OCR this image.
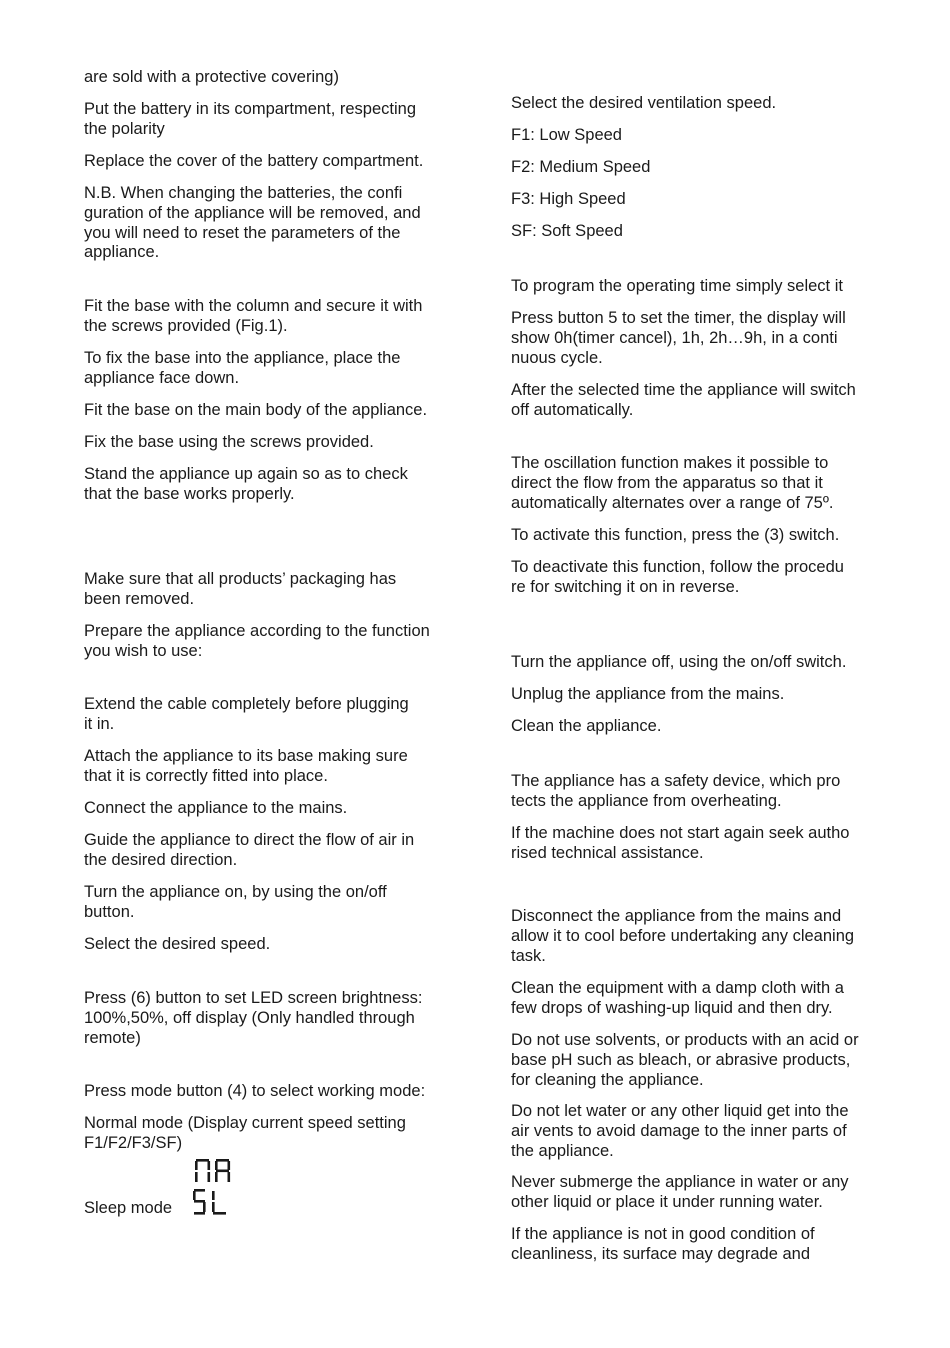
are sold with a protective covering)

Put the battery in its compartment, respecting
the polarity

Replace the cover of the battery compartment.

N.B. When changing the batteries, the confi
guration of the appliance will be removed, and
you will need to reset the parameters of the
appliance.

Fit the base with the column and secure it with
the screws provided (Fig.1).

To fix the base into the appliance, place the
appliance face down.

Fit the base on the main body of the appliance.

Fix the base using the screws provided.

Stand the appliance up again so as to check
that the base works properly.

Make sure that all products’ packaging has
been removed.

Prepare the appliance according to the function
you wish to use:

Extend the cable completely before plugging
it in.

Attach the appliance to its base making sure
that it is correctly fitted into place.

Connect the appliance to the mains.

Guide the appliance to direct the flow of air in
the desired direction.

Turn the appliance on, by using the on/off
button.

Select the desired speed.

Press (6) button to set LED screen brightness:
100%,50%, off display (Only handled through
remote)

Press mode button (4) to select working mode:

Normal mode (Display current speed setting
F1/F2/F3/SF)

Sleep mode

Select the desired ventilation speed.

F1: Low Speed

F2: Medium Speed

F3: High Speed

SF: Soft Speed

To program the operating time simply select it

Press button 5 to set the timer, the display will
show 0h(timer cancel), 1h, 2h…9h, in a conti
nuous cycle.

After the selected time the appliance will switch
off automatically.

The oscillation function makes it possible to
direct the flow from the apparatus so that it
automatically alternates over a range of 75º.

To activate this function, press the (3) switch.

To deactivate this function, follow the procedu
re for switching it on in reverse.

Turn the appliance off, using the on/off switch.

Unplug the appliance from the mains.

Clean the appliance.

The appliance has a safety device, which pro
tects the appliance from overheating.

If the machine does not start again seek autho
rised technical assistance.

Disconnect the appliance from the mains and
allow it to cool before undertaking any cleaning
task.

Clean the equipment with a damp cloth with a
few drops of washing-up liquid and then dry.

Do not use solvents, or products with an acid or
base pH such as bleach, or abrasive products,
for cleaning the appliance.

Do not let water or any other liquid get into the
air vents to avoid damage to the inner parts of
the appliance.

Never submerge the appliance in water or any
other liquid or place it under running water.

If the appliance is not in good condition of
cleanliness, its surface may degrade and
